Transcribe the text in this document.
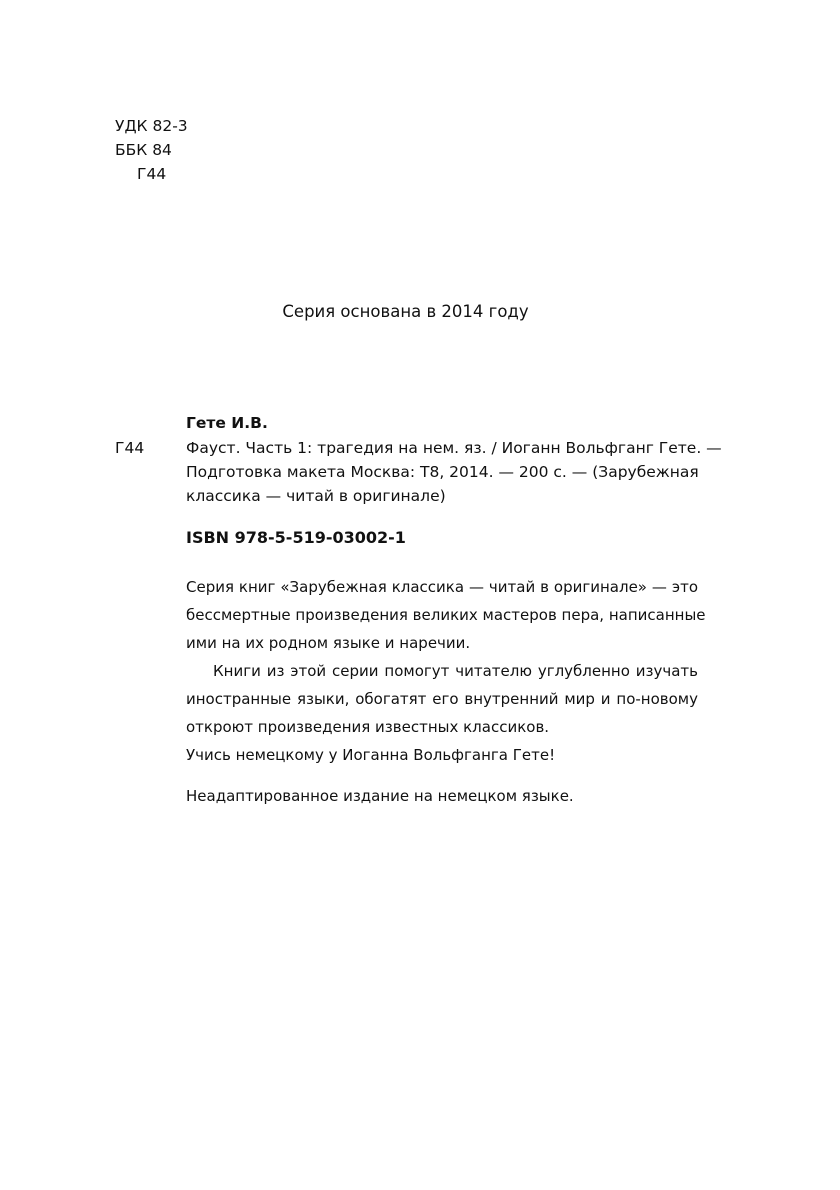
УДК 82-3
ББК 84
Г44
Серия основана в 2014 году
Гете И.В.
Г44	Фауст. Часть 1: трагедия на нем. яз. / Иоганн Вольфганг Гете. —
Подготовка макета Москва: Т8, 2014. — 200 с. — (Зарубежная
классика — читай в оригинале)
ISBN 978-5-519-03002-1
Серия книг «Зарубежная классика — читай в оригинале» — это
бессмертные произведения великих мастеров пера, написанные
ими на их родном языке и наречии.
Книги из этой серии помогут читателю углубленно изучать
иностранные языки, обогатят его внутренний мир и по-новому
откроют произведения известных классиков.
Учись немецкому у Иоганна Вольфганга Гете!
Неадаптированное издание на немецком языке.
